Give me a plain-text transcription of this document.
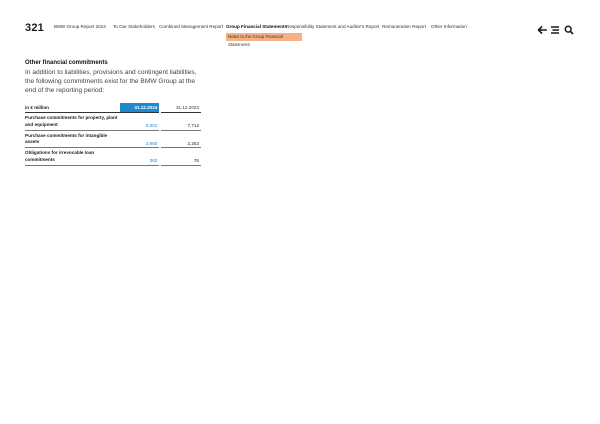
321 BMW Group Report 2024 To Our Stakeholders Combined Management Report Group Financial Statements
Responsibility Statement and Auditor's Report Remuneration Report Other Information
Notes to the Group Financial Statements
Other financial commitments

In addition to liabilities, provisions and contingent liabilities, the following commitments exist for the BMW Group at the end of the reporting period:

in € million	31.12.2024		31.12.2023
Purchase commitments for property, plant and equipment	8,001		7,712
Purchase commitments for intangible assets	2,980		2,252
Obligations for irrevocable loan commitments	363		76
